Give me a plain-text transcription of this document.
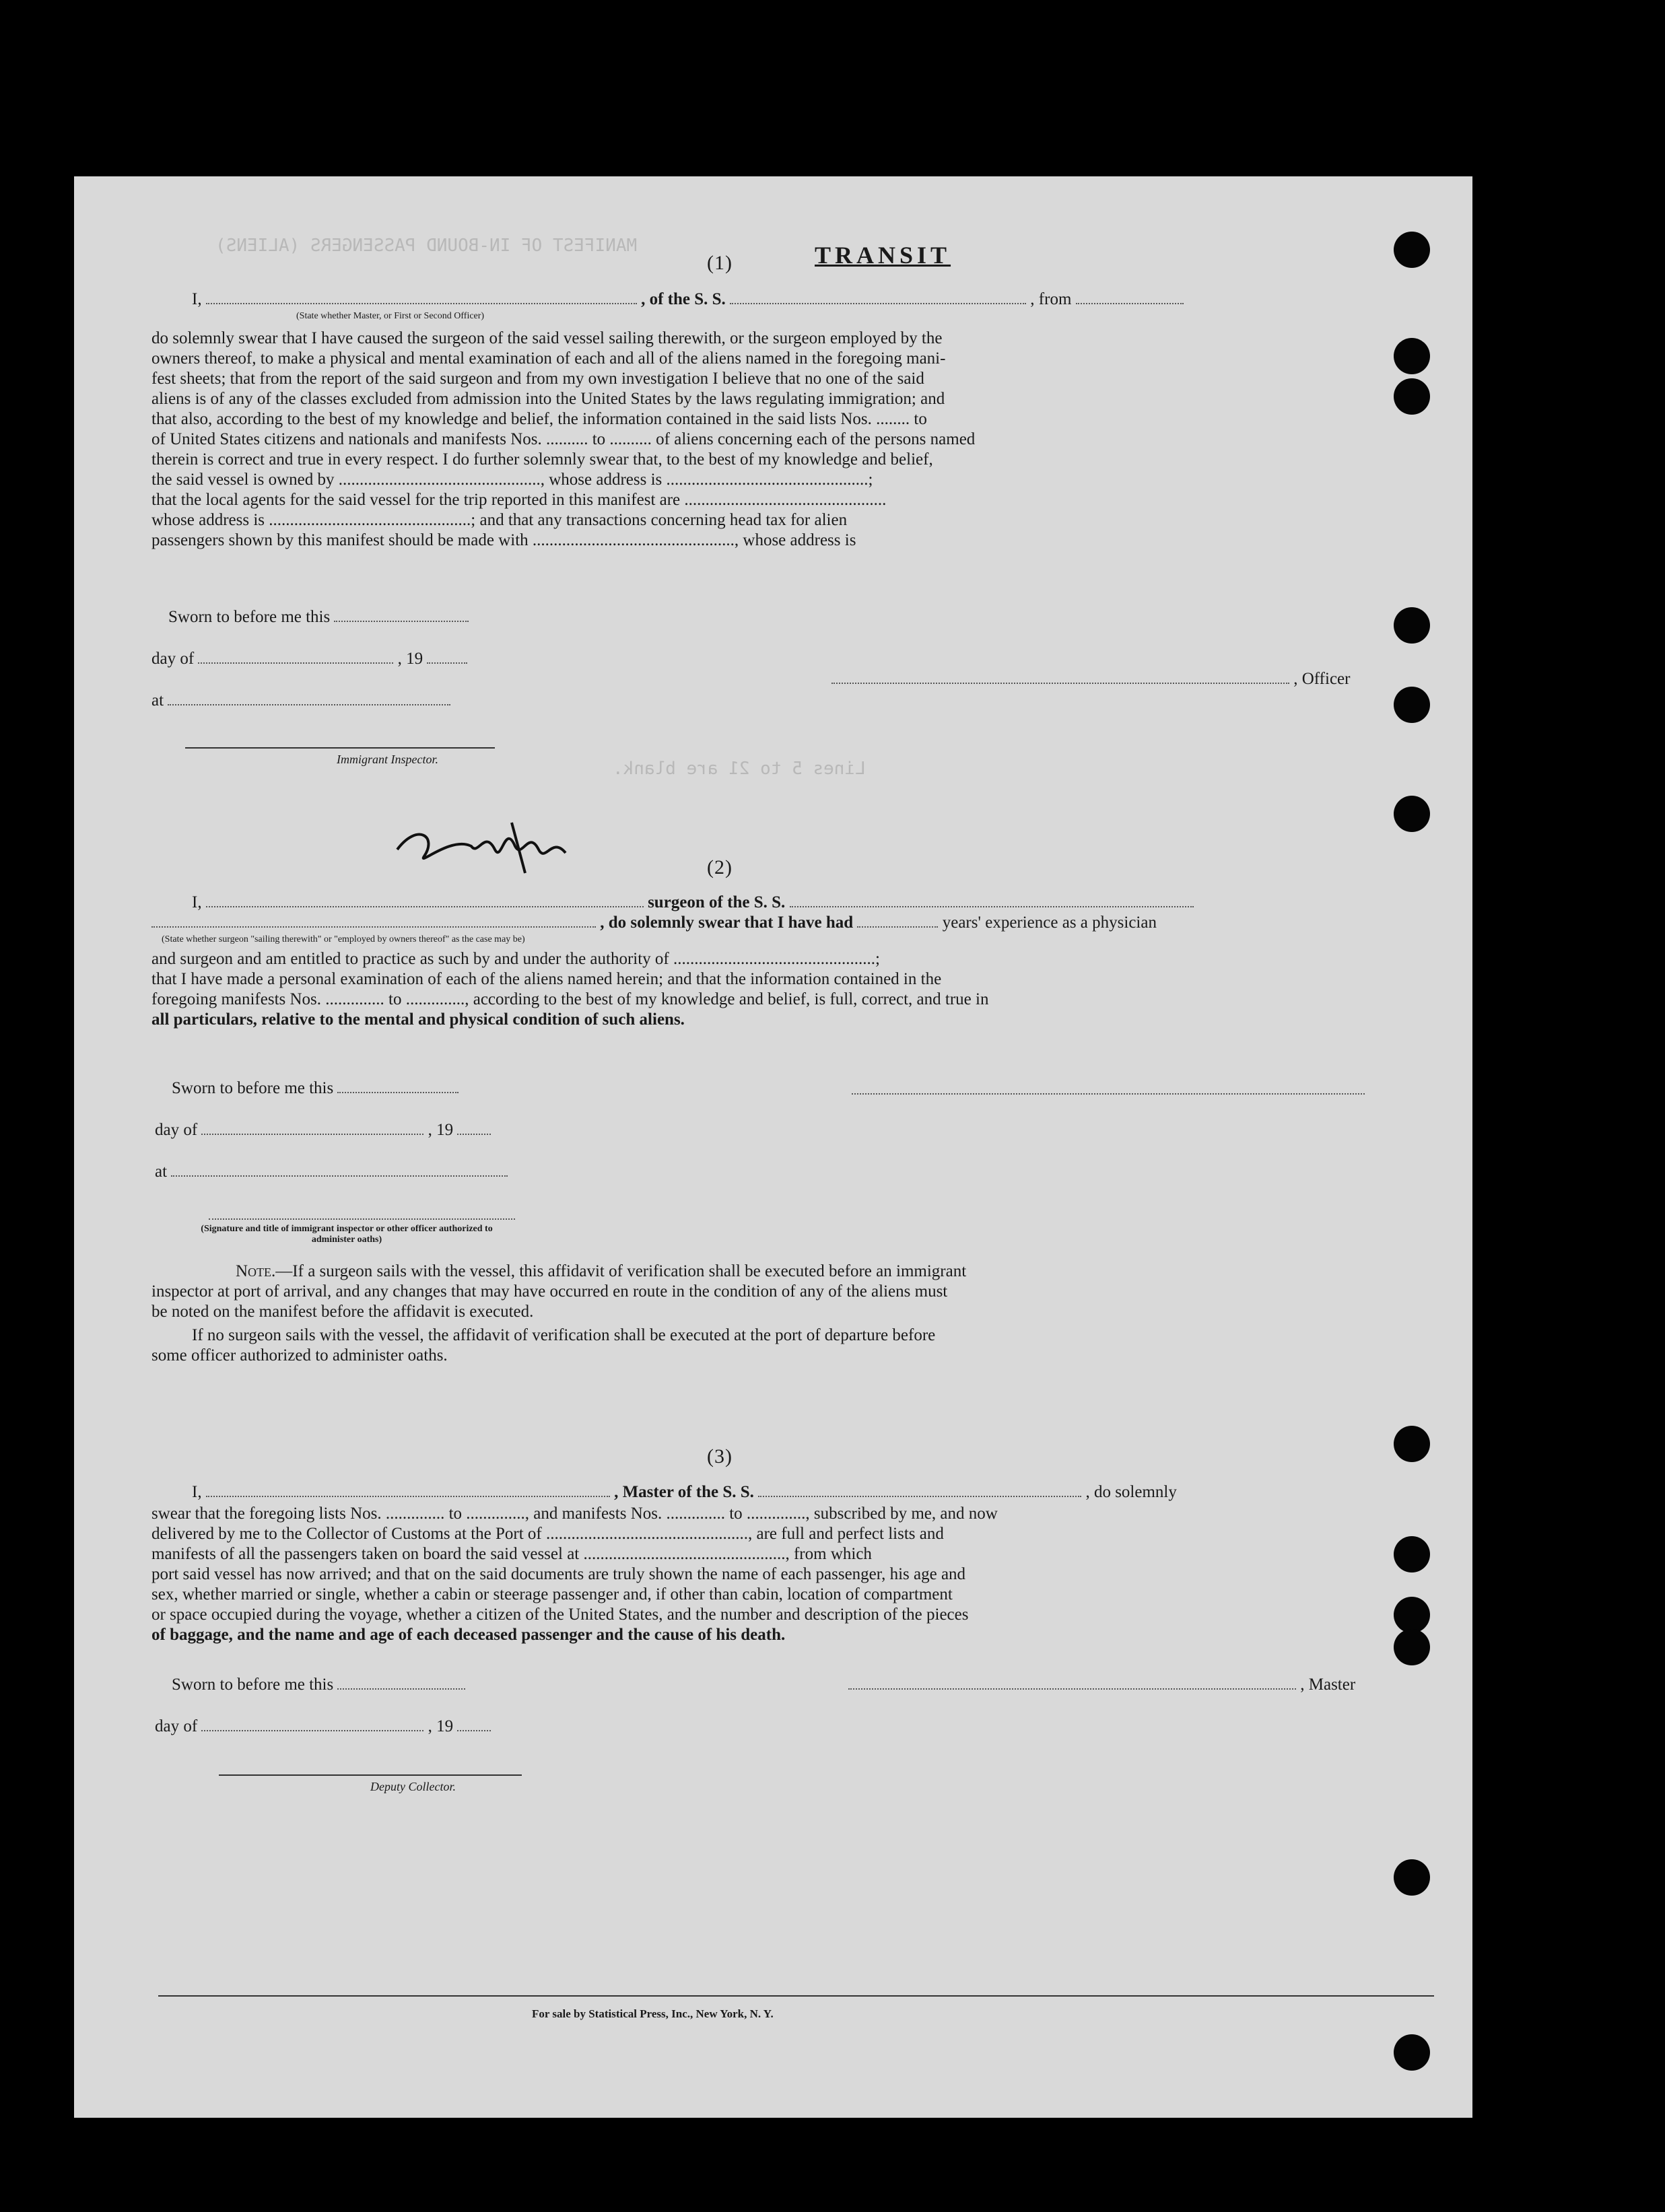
MANIFEST OF IN-BOUND PASSENGERS (ALIENS)
Lines 5 to 21 are blank.
(1)	TRANSIT
I,	, of the S. S.	, from
(State whether Master, or First or Second Officer)
do solemnly swear that I have caused the surgeon of the said vessel sailing therewith, or the surgeon employed by the
owners thereof, to make a physical and mental examination of each and all of the aliens named in the foregoing mani-
fest sheets; that from the report of the said surgeon and from my own investigation I believe that no one of the said
aliens is of any of the classes excluded from admission into the United States by the laws regulating immigration; and
that also, according to the best of my knowledge and belief, the information contained in the said lists Nos. ........ to
of United States citizens and nationals and manifests Nos. .......... to .......... of aliens concerning each of the persons named
therein is correct and true in every respect. I do further solemnly swear that, to the best of my knowledge and belief,
the said vessel is owned by ................................................, whose address is ................................................;
that the local agents for the said vessel for the trip reported in this manifest are ................................................
whose address is ................................................; and that any transactions concerning head tax for alien
passengers shown by this manifest should be made with ................................................, whose address is
Sworn to before me this
day of	, 19
at
, Officer
Immigrant Inspector.
(2)
I,	surgeon of the S. S.
, do solemnly swear that I have had	years' experience as a physician
(State whether surgeon "sailing therewith" or "employed by owners thereof" as the case may be)
and surgeon and am entitled to practice as such by and under the authority of ................................................;
that I have made a personal examination of each of the aliens named herein; and that the information contained in the
foregoing manifests Nos. .............. to .............., according to the best of my knowledge and belief, is full, correct, and true in
all particulars, relative to the mental and physical condition of such aliens.
Sworn to before me this
day of	, 19
at
(Signature and title of immigrant inspector or other officer authorized to administer oaths)
Note.—If a surgeon sails with the vessel, this affidavit of verification shall be executed before an immigrant
inspector at port of arrival, and any changes that may have occurred en route in the condition of any of the aliens must
be noted on the manifest before the affidavit is executed.
If no surgeon sails with the vessel, the affidavit of verification shall be executed at the port of departure before
some officer authorized to administer oaths.
(3)
I,	, Master of the S. S.	, do solemnly
swear that the foregoing lists Nos. .............. to .............., and manifests Nos. .............. to .............., subscribed by me, and now
delivered by me to the Collector of Customs at the Port of ................................................, are full and perfect lists and
manifests of all the passengers taken on board the said vessel at ................................................, from which
port said vessel has now arrived; and that on the said documents are truly shown the name of each passenger, his age and
sex, whether married or single, whether a cabin or steerage passenger and, if other than cabin, location of compartment
or space occupied during the voyage, whether a citizen of the United States, and the number and description of the pieces
of baggage, and the name and age of each deceased passenger and the cause of his death.
Sworn to before me this
day of	, 19
, Master
Deputy Collector.
For sale by Statistical Press, Inc., New York, N. Y.
